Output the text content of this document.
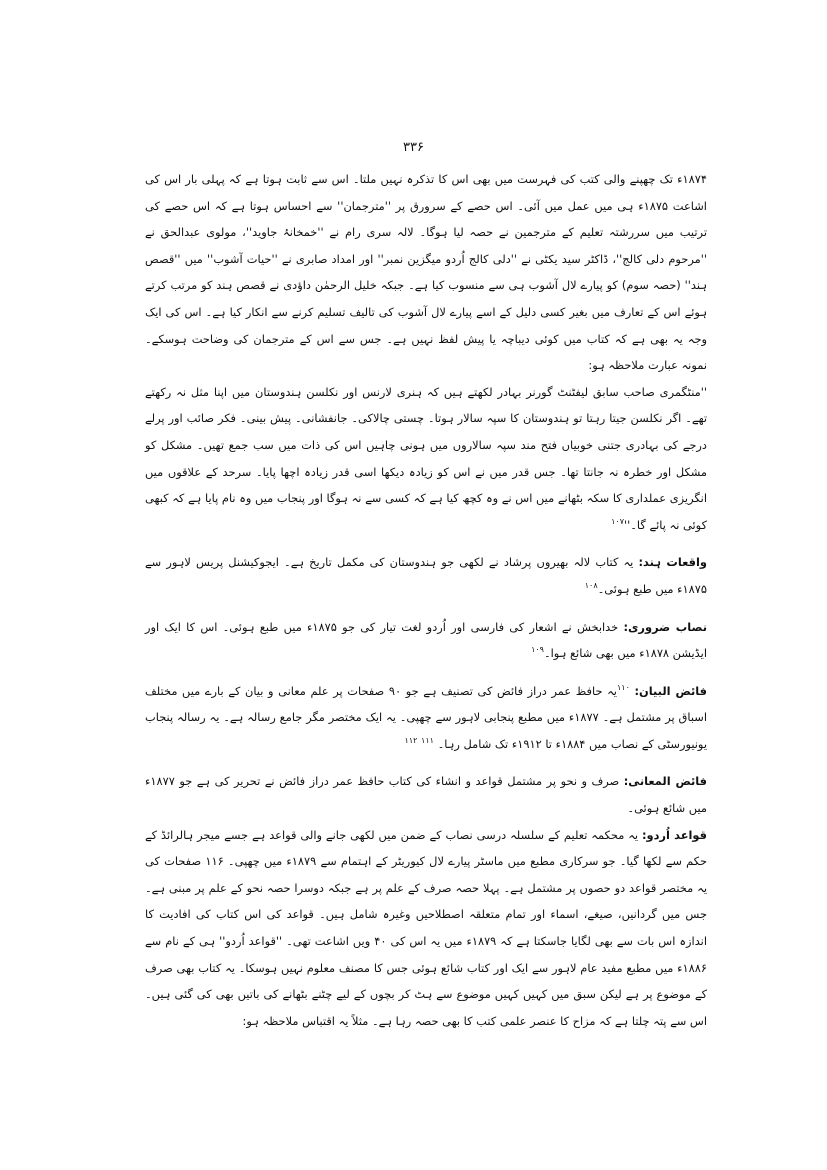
۳۳۶

۱۸۷۴ء تک چھپنے والی کتب کی فہرست میں بھی اس کا تذکرہ نہیں ملتا۔ اس سے ثابت ہوتا ہے کہ پہلی بار اس کی اشاعت ۱۸۷۵ء ہی میں عمل میں آئی۔ اس حصے کے سرورق پر ''مترجمان'' سے احساس ہوتا ہے کہ اس حصے کی ترتیب میں سررشتہ تعلیم کے مترجمین نے حصہ لیا ہوگا۔ لالہ سری رام نے ''خمخانۂ جاوید''، مولوی عبدالحق نے ''مرحوم دلی کالج''، ڈاکٹر سید یکٹی نے ''دلی کالج اُردو میگزین نمبر'' اور امداد صابری نے ''حیات آشوب'' میں ''قصص ہند'' (حصہ سوم) کو پیارے لال آشوب ہی سے منسوب کیا ہے۔ جبکہ خلیل الرحمٰن داؤدی نے قصص ہند کو مرتب کرتے ہوئے اس کے تعارف میں بغیر کسی دلیل کے اسے پیارے لال آشوب کی تالیف تسلیم کرنے سے انکار کیا ہے۔ اس کی ایک وجہ یہ بھی ہے کہ کتاب میں کوئی دیباچہ یا پیش لفظ نہیں ہے۔ جس سے اس کے مترجمان کی وضاحت ہوسکے۔ نمونہ عبارت ملاحظہ ہو:

''منٹگمری صاحب سابق لیفٹنٹ گورنر بہادر لکھتے ہیں کہ ہنری لارنس اور نکلسن ہندوستان میں اپنا مثل نہ رکھتے تھے۔ اگر نکلسن جیتا رہتا تو ہندوستان کا سپہ سالار ہوتا۔ چستی چالاکی۔ جانفشانی۔ پیش بینی۔ فکر صائب اور پرلے درجے کی بہادری جتنی خوبیاں فتح مند سپہ سالاروں میں ہونی چاہیں اس کی ذات میں سب جمع تھیں۔ مشکل کو مشکل اور خطرہ نہ جانتا تھا۔ جس قدر میں نے اس کو زیادہ دیکھا اسی قدر زیادہ اچھا پایا۔ سرحد کے علاقوں میں انگریزی عملداری کا سکہ بٹھانے میں اس نے وہ کچھ کیا ہے کہ کسی سے نہ ہوگا اور پنجاب میں وہ نام پایا ہے کہ کبھی کوئی نہ پائے $گا۔''^{۱۰۷}$

واقعات ہند: یہ کتاب لالہ بھیروں پرشاد نے لکھی جو ہندوستان کی مکمل تاریخ ہے۔ ایجوکیشنل پریس لاہور سے ۱۸۷۵ء میں طبع ہوئی۔$^{۱۰۸}$

نصاب ضروری: خدابخش نے اشعار کی فارسی اور اُردو لغت تیار کی جو ۱۸۷۵ء میں طبع ہوئی۔ اس کا ایک اور ایڈیشن ۱۸۷۸ء میں بھی شائع ہوا۔$^{۱۰۹}$

فائض البیان: $^{۱۱۰}$یہ حافظ عمر دراز فائض کی تصنیف ہے جو ۹۰ صفحات پر علم معانی و بیان کے بارے میں مختلف اسباق پر مشتمل ہے۔ ۱۸۷۷ء میں مطبع پنجابی لاہور سے چھپی۔ یہ ایک مختصر مگر جامع رسالہ ہے۔ یہ رسالہ پنجاب یونیورسٹی کے نصاب میں ۱۸۸۴ء تا ۱۹۱۲ء تک شامل رہا۔ $^{۱۱۱}$ $^{۱۱۲}$

فائض المعانی: صرف و نحو پر مشتمل قواعد و انشاء کی کتاب حافظ عمر دراز فائض نے تحریر کی ہے جو ۱۸۷۷ء میں شائع ہوئی۔

قواعد اُردو: یہ محکمہ تعلیم کے سلسلہ درسی نصاب کے ضمن میں لکھی جانے والی قواعد ہے جسے میجر ہالرائڈ کے حکم سے لکھا گیا۔ جو سرکاری مطبع میں ماسٹر پیارے لال کیوریٹر کے اہتمام سے ۱۸۷۹ء میں چھپی۔ ۱۱۶ صفحات کی یہ مختصر قواعد دو حصوں پر مشتمل ہے۔ پہلا حصہ صرف کے علم پر ہے جبکہ دوسرا حصہ نحو کے علم پر مبنی ہے۔ جس میں گردانیں، صیغے، اسماء اور تمام متعلقہ اصطلاحیں وغیرہ شامل ہیں۔ قواعد کی اس کتاب کی افادیت کا اندازہ اس بات سے بھی لگایا جاسکتا ہے کہ ۱۸۷۹ء میں یہ اس کی ۴۰ ویں اشاعت تھی۔ ''قواعد اُردو'' ہی کے نام سے ۱۸۸۶ء میں مطبع مفید عام لاہور سے ایک اور کتاب شائع ہوئی جس کا مصنف معلوم نہیں ہوسکا۔ یہ کتاب بھی صرف کے موضوع پر ہے لیکن سبق میں کہیں کہیں موضوع سے ہٹ کر بچوں کے لیے چٹنے بٹھانے کی باتیں بھی کی گئی ہیں۔ اس سے پتہ چلتا ہے کہ مزاح کا عنصر علمی کتب کا بھی حصہ رہا ہے۔ مثلاً یہ اقتباس ملاحظہ ہو:
